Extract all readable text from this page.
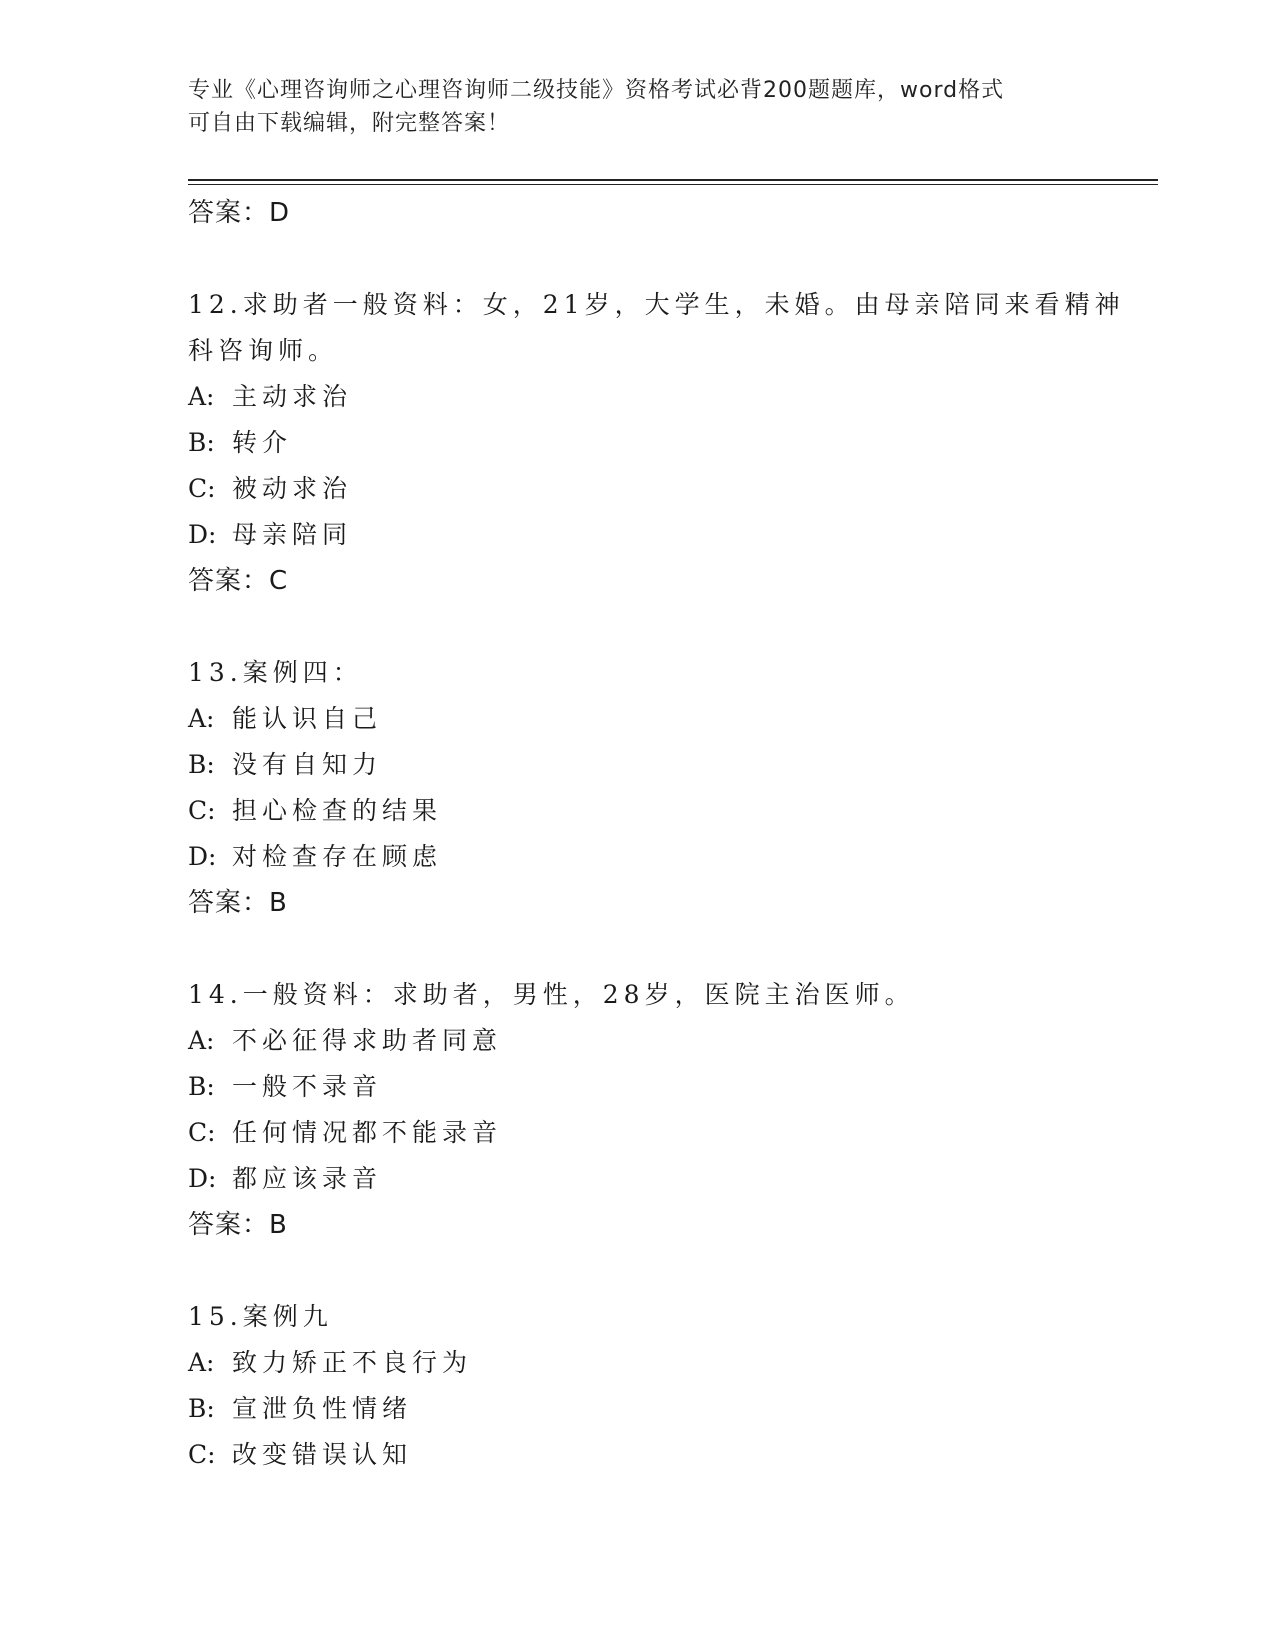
专业《心理咨询师之心理咨询师二级技能》资格考试必背200题题库，word格式
可自由下载编辑，附完整答案！
答案：D
12.求助者一般资料：女，21岁，大学生，未婚。由母亲陪同来看精神
科咨询师。
A: 主动求治
B: 转介
C: 被动求治
D: 母亲陪同
答案：C
13.案例四：
A: 能认识自己
B: 没有自知力
C: 担心检查的结果
D: 对检查存在顾虑
答案：B
14.一般资料：求助者，男性，28岁，医院主治医师。
A: 不必征得求助者同意
B: 一般不录音
C: 任何情况都不能录音
D: 都应该录音
答案：B
15.案例九
A: 致力矫正不良行为
B: 宣泄负性情绪
C: 改变错误认知
